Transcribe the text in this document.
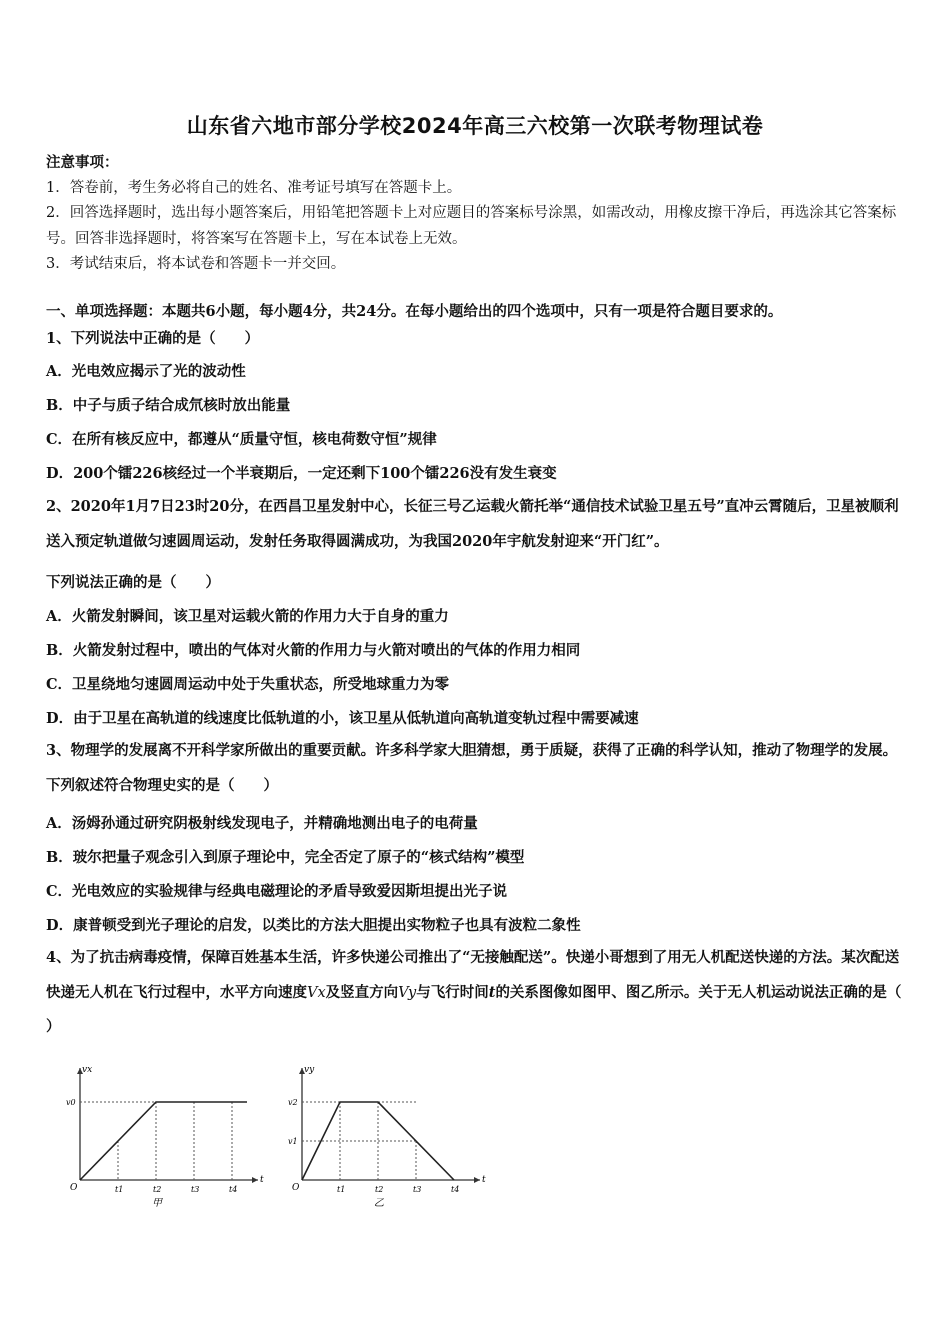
山东省六地市部分学校2024年高三六校第一次联考物理试卷
注意事项：
1．答卷前，考生务必将自己的姓名、准考证号填写在答题卡上。
2．回答选择题时，选出每小题答案后，用铅笔把答题卡上对应题目的答案标号涂黑，如需改动，用橡皮擦干净后，再选涂其它答案标号。回答非选择题时，将答案写在答题卡上，写在本试卷上无效。
3．考试结束后，将本试卷和答题卡一并交回。
一、单项选择题：本题共6小题，每小题4分，共24分。在每小题给出的四个选项中，只有一项是符合题目要求的。
1、下列说法中正确的是（　　）
A．光电效应揭示了光的波动性
B．中子与质子结合成氘核时放出能量
C．在所有核反应中，都遵从“质量守恒，核电荷数守恒”规律
D．200个镭226核经过一个半衰期后，一定还剩下100个镭226没有发生衰变
2、2020年1月7日23时20分，在西昌卫星发射中心，长征三号乙运载火箭托举“通信技术试验卫星五号”直冲云霄随后，卫星被顺利送入预定轨道做匀速圆周运动，发射任务取得圆满成功，为我国2020年宇航发射迎来“开门红”。
下列说法正确的是（　　）
A．火箭发射瞬间，该卫星对运载火箭的作用力大于自身的重力
B．火箭发射过程中，喷出的气体对火箭的作用力与火箭对喷出的气体的作用力相同
C．卫星绕地匀速圆周运动中处于失重状态，所受地球重力为零
D．由于卫星在高轨道的线速度比低轨道的小，该卫星从低轨道向高轨道变轨过程中需要减速
3、物理学的发展离不开科学家所做出的重要贡献。许多科学家大胆猜想，勇于质疑，获得了正确的科学认知，推动了物理学的发展。下列叙述符合物理史实的是（　　）
A．汤姆孙通过研究阴极射线发现电子，并精确地测出电子的电荷量
B．玻尔把量子观念引入到原子理论中，完全否定了原子的“核式结构”模型
C．光电效应的实验规律与经典电磁理论的矛盾导致爱因斯坦提出光子说
D．康普顿受到光子理论的启发，以类比的方法大胆提出实物粒子也具有波粒二象性
4、为了抗击病毒疫情，保障百姓基本生活，许多快递公司推出了“无接触配送”。快递小哥想到了用无人机配送快递的方法。某次配送快递无人机在飞行过程中，水平方向速度Vx及竖直方向Vy与飞行时间t的关系图像如图甲、图乙所示。关于无人机运动说法正确的是（ ）
vx
t
O	t1	t2	t3	t4
v0
甲
vy
t
O	t1	t2	t3	t4
v2
v1
乙
